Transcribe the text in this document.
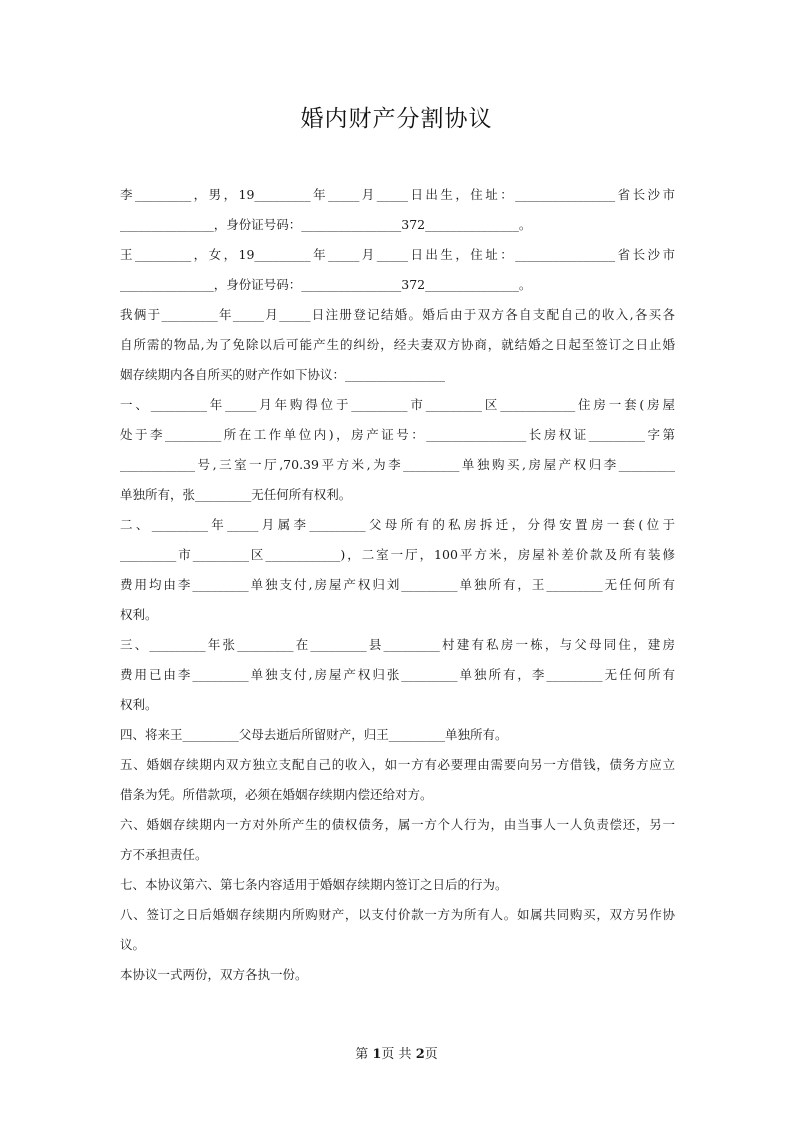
婚内财产分割协议
李_________，男，19_________年_____月_____日出生，住址：________________省长沙市
_______________，身份证号码：________________372_______________。
王_________，女，19_________年_____月_____日出生，住址：________________省长沙市
_______________，身份证号码：________________372_______________。
我俩于_________年_____月_____日注册登记结婚。婚后由于双方各自支配自己的收入,各买各
自所需的物品,为了免除以后可能产生的纠纷，经夫妻双方协商，就结婚之日起至签订之日止婚
姻存续期内各自所买的财产作如下协议：________________
一、_________年_____月年购得位于_________市_________区____________住房一套(房屋
处于李_________所在工作单位内)，房产证号：________________长房权证_________字第
____________号,三室一厅,70.39平方米,为李_________单独购买,房屋产权归李_________
单独所有，张_________无任何所有权利。
二、_________年_____月属李_________父母所有的私房拆迁，分得安置房一套(位于
_________市_________区____________)，二室一厅，100平方米，房屋补差价款及所有装修
费用均由李_________单独支付,房屋产权归刘_________单独所有，王_________无任何所有
权利。
三、_________年张_________在_________县_________村建有私房一栋，与父母同住，建房
费用已由李_________单独支付,房屋产权归张_________单独所有，李_________无任何所有
权利。
四、将来王_________父母去逝后所留财产，归王_________单独所有。
五、婚姻存续期内双方独立支配自己的收入，如一方有必要理由需要向另一方借钱，债务方应立
借条为凭。所借款项，必须在婚姻存续期内偿还给对方。
六、婚姻存续期内一方对外所产生的债权债务，属一方个人行为，由当事人一人负责偿还，另一
方不承担责任。
七、本协议第六、第七条内容适用于婚姻存续期内签订之日后的行为。
八、签订之日后婚姻存续期内所购财产，以支付价款一方为所有人。如属共同购买，双方另作协
议。
本协议一式两份，双方各执一份。
第 1页 共 2页
